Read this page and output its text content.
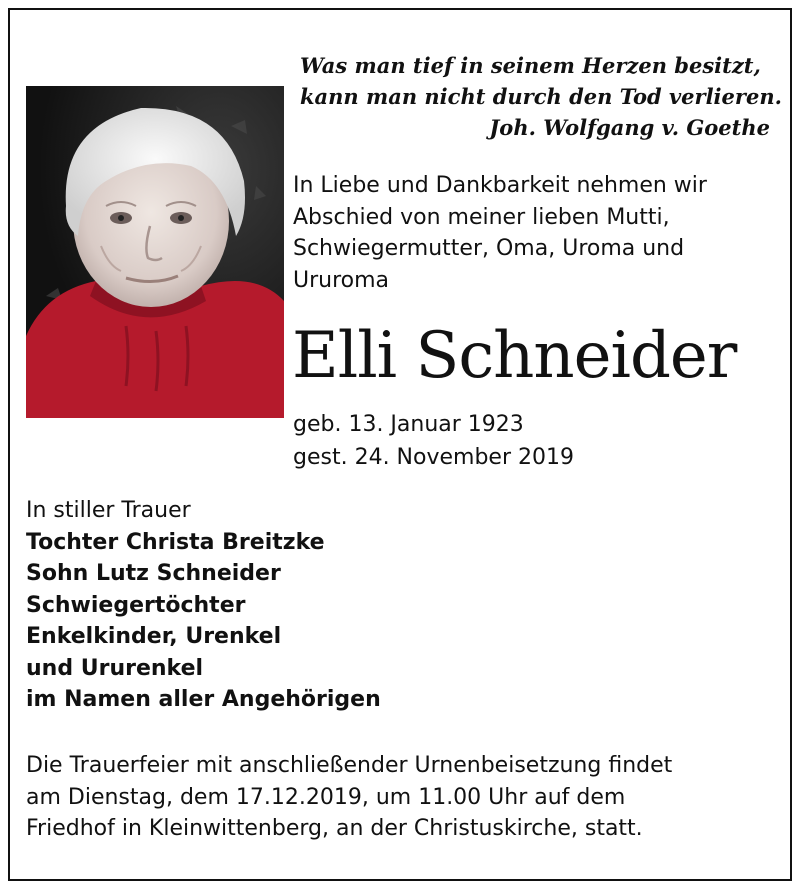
Was man tief in seinem Herzen besitzt,
kann man nicht durch den Tod verlieren.
Joh. Wolfgang v. Goethe
In Liebe und Dankbarkeit nehmen wir
Abschied von meiner lieben Mutti,
Schwiegermutter, Oma, Uroma und
Ururoma
Elli Schneider
geb. 13. Januar 1923
gest. 24. November 2019
In stiller Trauer
Tochter Christa Breitzke
Sohn Lutz Schneider
Schwiegertöchter
Enkelkinder, Urenkel
und Ururenkel
im Namen aller Angehörigen
Die Trauerfeier mit anschließender Urnenbeisetzung findet
am Dienstag, dem 17.12.2019, um 11.00 Uhr auf dem
Friedhof in Kleinwittenberg, an der Christuskirche, statt.
